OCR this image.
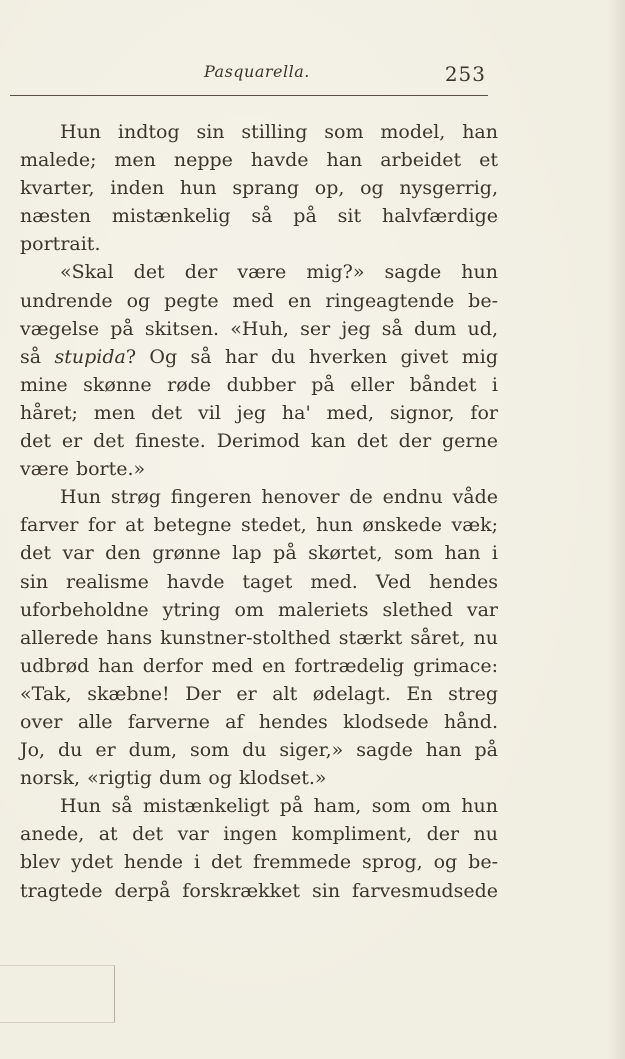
Pasquarella.	253
Hun indtog sin stilling som model, han
malede; men neppe havde han arbeidet et
kvarter, inden hun sprang op, og nysgerrig,
næsten mistænkelig så på sit halvfærdige
portrait.
«Skal det der være mig?» sagde hun
undrende og pegte med en ringeagtende be-
vægelse på skitsen. «Huh, ser jeg så dum ud,
så stupida? Og så har du hverken givet mig
mine skønne røde dubber på eller båndet i
håret; men det vil jeg ha' med, signor, for
det er det fineste. Derimod kan det der gerne
være borte.»
Hun strøg fingeren henover de endnu våde
farver for at betegne stedet, hun ønskede væk;
det var den grønne lap på skørtet, som han i
sin realisme havde taget med. Ved hendes
uforbeholdne ytring om maleriets slethed var
allerede hans kunstner-stolthed stærkt såret, nu
udbrød han derfor med en fortrædelig grimace:
«Tak, skæbne! Der er alt ødelagt. En streg
over alle farverne af hendes klodsede hånd.
Jo, du er dum, som du siger,» sagde han på
norsk, «rigtig dum og klodset.»
Hun så mistænkeligt på ham, som om hun
anede, at det var ingen kompliment, der nu
blev ydet hende i det fremmede sprog, og be-
tragtede derpå forskrækket sin farvesmudsede
